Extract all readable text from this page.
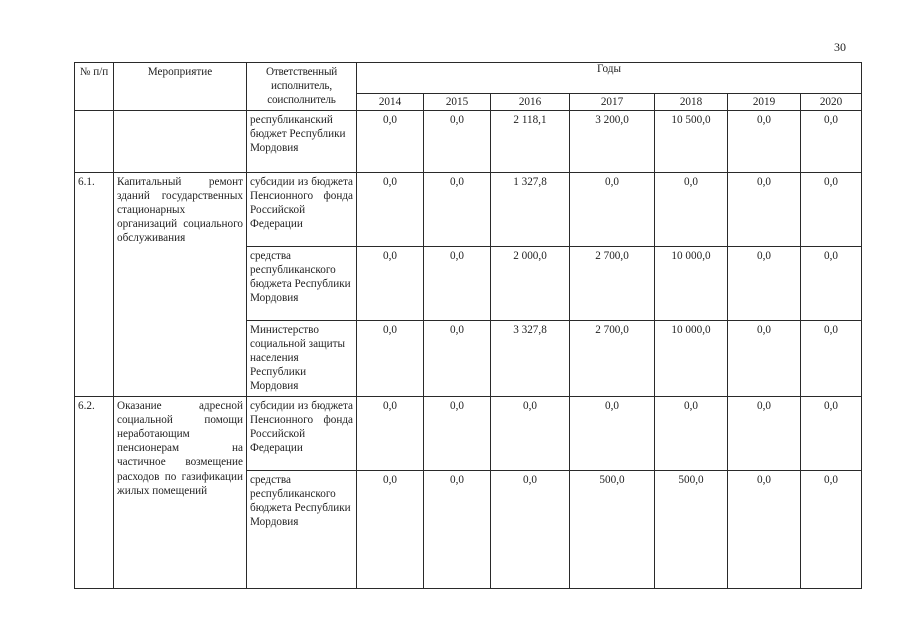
30
№ п/п	Мероприятие	Ответственный исполнитель, соисполнитель	Годы						
			2014	2015	2016	2017	2018	2019	2020
		республиканский бюджет Республики Мордовия	0,0	0,0	2 118,1	3 200,0	10 500,0	0,0	0,0
6.1.	Капитальный ремонт зданий государственных стационарных организаций социального обслуживания	субсидии из бюджета Пенсионного фонда Российской Федерации	0,0	0,0	1 327,8	0,0	0,0	0,0	0,0
		средства республиканского бюджета Республики Мордовия	0,0	0,0	2 000,0	2 700,0	10 000,0	0,0	0,0
		Министерство социальной защиты населения Республики Мордовия	0,0	0,0	3 327,8	2 700,0	10 000,0	0,0	0,0
6.2.	Оказание адресной социальной помощи неработающим пенсионерам на частичное возмещение расходов по газификации жилых помещений	субсидии из бюджета Пенсионного фонда Российской Федерации	0,0	0,0	0,0	0,0	0,0	0,0	0,0
		средства республиканского бюджета Республики Мордовия	0,0	0,0	0,0	500,0	500,0	0,0	0,0
